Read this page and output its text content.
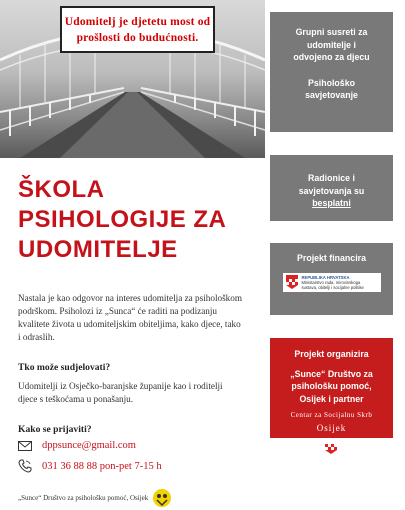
Udomitelj je djetetu most od
prošlosti do budućnosti.
ŠKOLA
PSIHOLOGIJE ZA
UDOMITELJE
Nastala je kao odgovor na interes udomitelja za psihološkom podrškom. Psiholozi iz „Sunca“ će raditi na podizanju kvalitete života u udomiteljskim obiteljima, kako djece, tako i odraslih.
Tko može sudjelovati?
Udomitelji iz Osječko-baranjske županije kao i roditelji djece s teškoćama u ponašanju.
Kako se prijaviti?
dppsunce@gmail.com
031 36 88 88 pon-pet 7-15 h
„Sunce“ Društvo za psihološku pomoć, Osijek
Grupni susreti za
udomitelje i
odvojeno za djecu
Psihološko
savjetovanje
Radionice i
savjetovanja su
besplatni
Projekt financira
REPUBLIKA HRVATSKA
Ministarstvo rada, mirovinskoga
sustava, obitelji i socijalne politike
Projekt organizira
„Sunce“ Društvo za
psihološku pomoć,
Osijek i partner
Centar za Socijalnu Skrb
Osijek
